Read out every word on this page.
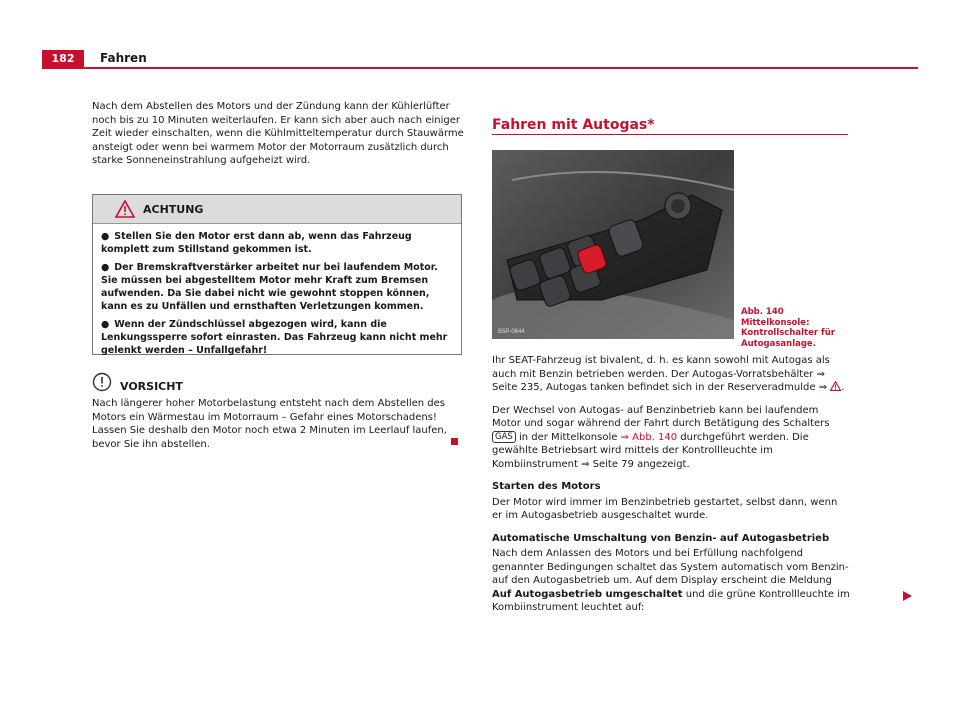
182	Fahren

Nach dem Abstellen des Motors und der Zündung kann der Kühlerlüfter noch bis zu 10 Minuten weiterlaufen. Er kann sich aber auch nach einiger Zeit wieder einschalten, wenn die Kühlmitteltemperatur durch Stauwärme ansteigt oder wenn bei warmem Motor der Motorraum zusätzlich durch starke Sonneneinstrahlung aufgeheizt wird.

ACHTUNG

● Stellen Sie den Motor erst dann ab, wenn das Fahrzeug komplett zum Stillstand gekommen ist.

● Der Bremskraftverstärker arbeitet nur bei laufendem Motor. Sie müssen bei abgestelltem Motor mehr Kraft zum Bremsen aufwenden. Da Sie dabei nicht wie gewohnt stoppen können, kann es zu Unfällen und ernsthaften Verletzungen kommen.

● Wenn der Zündschlüssel abgezogen wird, kann die Lenkungssperre sofort einrasten. Das Fahrzeug kann nicht mehr gelenkt werden – Unfallgefahr!

VORSICHT

Nach längerer hoher Motorbelastung entsteht nach dem Abstellen des Motors ein Wärmestau im Motorraum – Gefahr eines Motorschadens! Lassen Sie deshalb den Motor noch etwa 2 Minuten im Leerlauf laufen, bevor Sie ihn abstellen.

Fahren mit Autogas*
B5P-0644
Abb. 140 Mittelkonsole: Kontrollschalter für Autogasanlage.

Ihr SEAT-Fahrzeug ist bivalent, d. h. es kann sowohl mit Autogas als auch mit Benzin betrieben werden. Der Autogas-Vorratsbehälter ⇒ Seite 235, Autogas tanken befindet sich in der Reserveradmulde ⇒ .

Der Wechsel von Autogas- auf Benzinbetrieb kann bei laufendem Motor und sogar während der Fahrt durch Betätigung des Schalters GAS in der Mittelkonsole ⇒ Abb. 140 durchgeführt werden. Die gewählte Betriebsart wird mittels der Kontrollleuchte im Kombiinstrument ⇒ Seite 79 angezeigt.

Starten des Motors

Der Motor wird immer im Benzinbetrieb gestartet, selbst dann, wenn er im Autogasbetrieb ausgeschaltet wurde.

Automatische Umschaltung von Benzin- auf Autogasbetrieb

Nach dem Anlassen des Motors und bei Erfüllung nachfolgend genannter Bedingungen schaltet das System automatisch vom Benzin- auf den Autogasbetrieb um. Auf dem Display erscheint die Meldung Auf Autogasbetrieb umgeschaltet und die grüne Kontrollleuchte im Kombiinstrument leuchtet auf:
